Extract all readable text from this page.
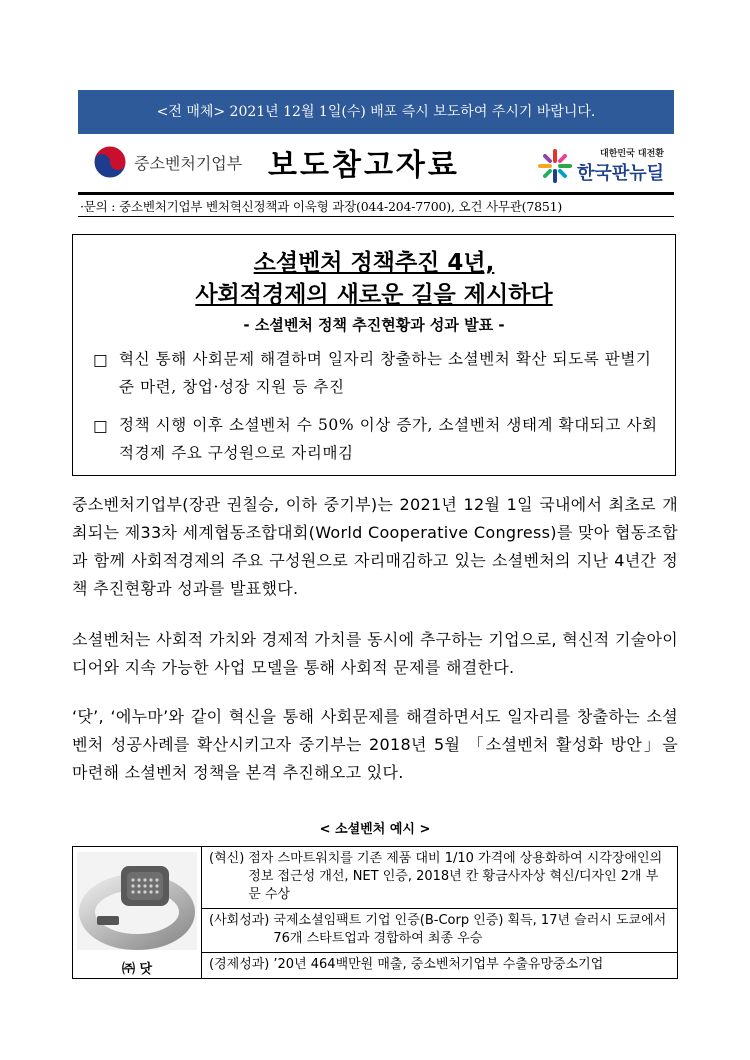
<전 매체> 2021년 12월 1일(수) 배포 즉시 보도하여 주시기 바랍니다.
중소벤처기업부 보도참고자료	대한민국 대전환
한국판뉴딜
·문의 : 중소벤처기업부 벤처혁신정책과 이욱형 과장(044-204-7700), 오건 사무관(7851)
소셜벤처 정책추진 4년,
사회적경제의 새로운 길을 제시하다
- 소셜벤처 정책 추진현황과 성과 발표 -
□ 혁신 통해 사회문제 해결하며 일자리 창출하는 소셜벤처 확산 되도록 판별기준 마련, 창업·성장 지원 등 추진
□ 정책 시행 이후 소셜벤처 수 50% 이상 증가, 소셜벤처 생태계 확대되고 사회적경제 주요 구성원으로 자리매김
중소벤처기업부(장관 권칠승, 이하 중기부)는 2021년 12월 1일 국내에서 최초로 개최되는 제33차 세계협동조합대회(World Cooperative Congress)를 맞아 협동조합과 함께 사회적경제의 주요 구성원으로 자리매김하고 있는 소셜벤처의 지난 4년간 정책 추진현황과 성과를 발표했다.
소셜벤처는 사회적 가치와 경제적 가치를 동시에 추구하는 기업으로, 혁신적 기술아이디어와 지속 가능한 사업 모델을 통해 사회적 문제를 해결한다.
‘닷’, ‘에누마’와 같이 혁신을 통해 사회문제를 해결하면서도 일자리를 창출하는 소셜벤처 성공사례를 확산시키고자 중기부는 2018년 5월 「소셜벤처 활성화 방안」을 마련해 소셜벤처 정책을 본격 추진해오고 있다.
< 소셜벤처 예시 >
㈜ 닷

(혁신) 점자 스마트워치를 기존 제품 대비 1/10 가격에 상용화하여 시각장애인의 정보 접근성 개선, NET 인증, 2018년 칸 황금사자상 혁신/디자인 2개 부문 수상

(사회성과) 국제소셜임팩트 기업 인증(B-Corp 인증) 획득, 17년 슬러시 도쿄에서 76개 스타트업과 경합하여 최종 우승

(경제성과) ’20년 464백만원 매출, 중소벤처기업부 수출유망중소기업
